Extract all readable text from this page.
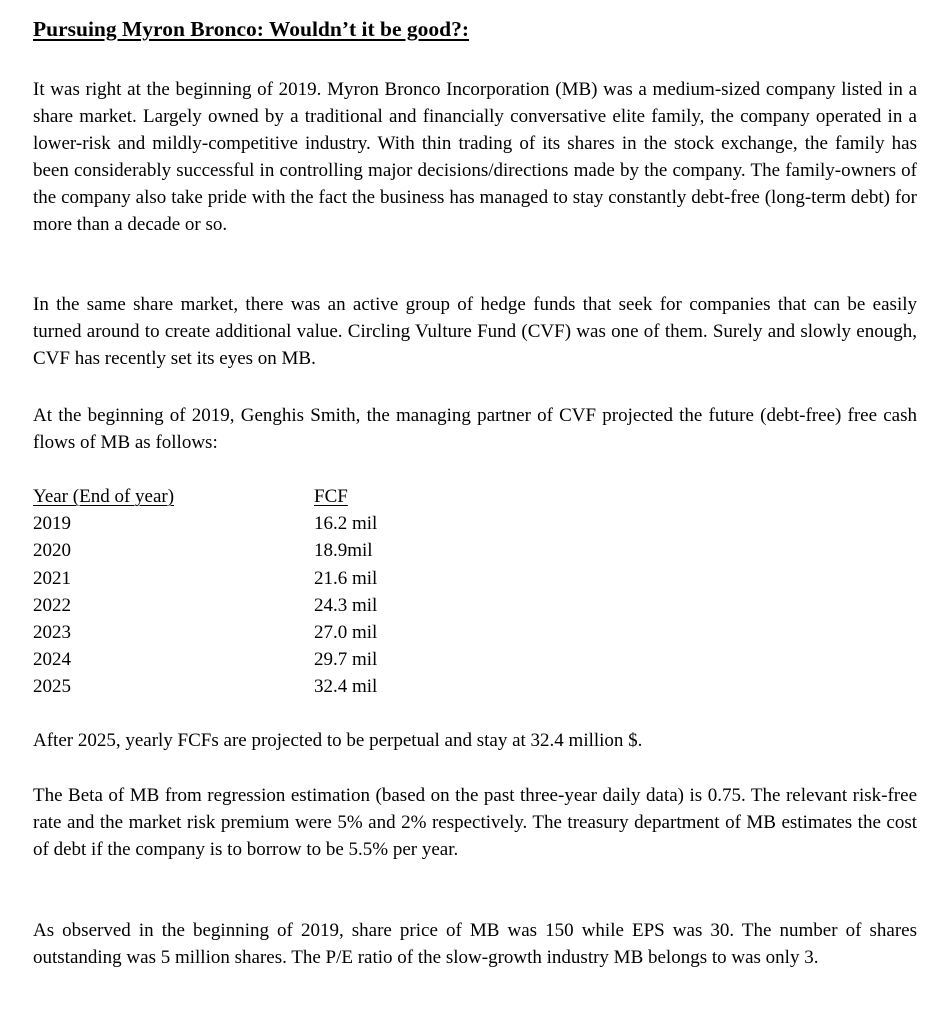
Pursuing Myron Bronco: Wouldn’t it be good?:

It was right at the beginning of 2019. Myron Bronco Incorporation (MB) was a medium-sized company listed in a share market. Largely owned by a traditional and financially conversative elite family, the company operated in a lower-risk and mildly-competitive industry. With thin trading of its shares in the stock exchange, the family has been considerably successful in controlling major decisions/directions made by the company. The family-owners of the company also take pride with the fact the business has managed to stay constantly debt-free (long-term debt) for more than a decade or so.

In the same share market, there was an active group of hedge funds that seek for companies that can be easily turned around to create additional value. Circling Vulture Fund (CVF) was one of them. Surely and slowly enough, CVF has recently set its eyes on MB.

At the beginning of 2019, Genghis Smith, the managing partner of CVF projected the future (debt-free) free cash flows of MB as follows:

Year (End of year)	FCF
2019	16.2 mil
2020	18.9mil
2021	21.6 mil
2022	24.3 mil
2023	27.0 mil
2024	29.7 mil
2025	32.4 mil

After 2025, yearly FCFs are projected to be perpetual and stay at 32.4 million $.

The Beta of MB from regression estimation (based on the past three-year daily data) is 0.75. The relevant risk-free rate and the market risk premium were 5% and 2% respectively. The treasury department of MB estimates the cost of debt if the company is to borrow to be 5.5% per year.

As observed in the beginning of 2019, share price of MB was 150 while EPS was 30. The number of shares outstanding was 5 million shares. The P/E ratio of the slow-growth industry MB belongs to was only 3.
